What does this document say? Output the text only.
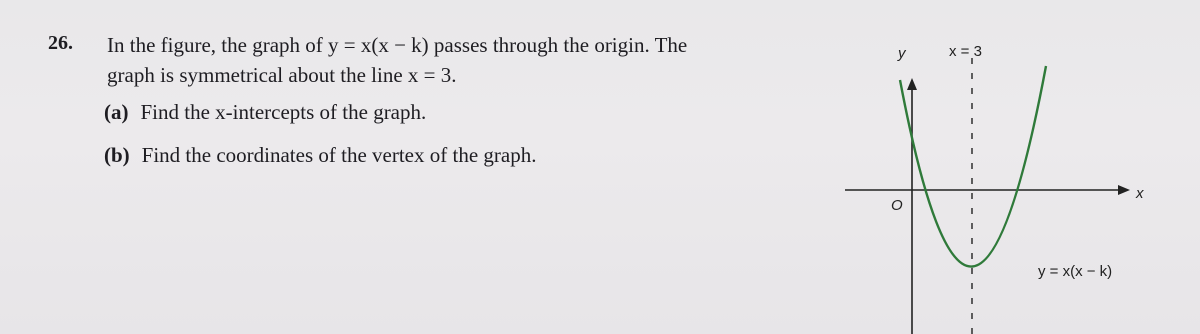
26. In the figure, the graph of y = x(x − k) passes through the origin. The
graph is symmetrical about the line x = 3.
(a) Find the x-intercepts of the graph.
(b) Find the coordinates of the vertex of the graph.
y	x = 3
x
O
y = x(x − k)
